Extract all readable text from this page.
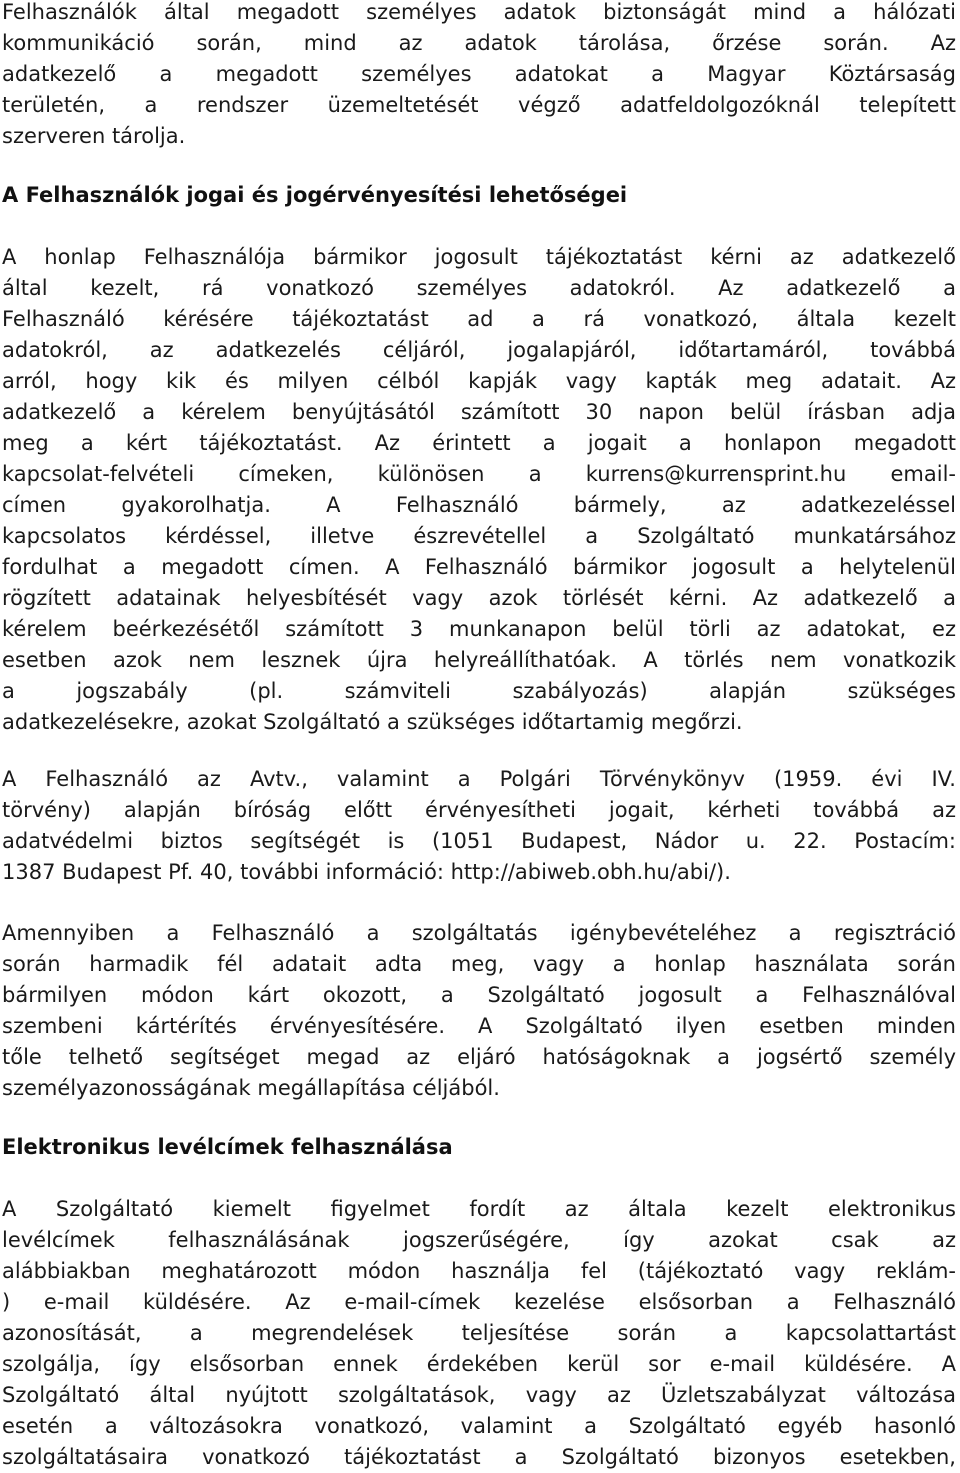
Felhasználók által megadott személyes adatok biztonságát mind a hálózati
kommunikáció során, mind az adatok tárolása, őrzése során. Az
adatkezelő a megadott személyes adatokat a Magyar Köztársaság
területén, a rendszer üzemeltetését végző adatfeldolgozóknál telepített
szerveren tárolja.
A Felhasználók jogai és jogérvényesítési lehetőségei
A honlap Felhasználója bármikor jogosult tájékoztatást kérni az adatkezelő
által kezelt, rá vonatkozó személyes adatokról. Az adatkezelő a
Felhasználó kérésére tájékoztatást ad a rá vonatkozó, általa kezelt
adatokról, az adatkezelés céljáról, jogalapjáról, időtartamáról, továbbá
arról, hogy kik és milyen célból kapják vagy kapták meg adatait. Az
adatkezelő a kérelem benyújtásától számított 30 napon belül írásban adja
meg a kért tájékoztatást. Az érintett a jogait a honlapon megadott
kapcsolat-felvételi címeken, különösen a kurrens@kurrensprint.hu email-
címen gyakorolhatja. A Felhasználó bármely, az adatkezeléssel
kapcsolatos kérdéssel, illetve észrevétellel a Szolgáltató munkatársához
fordulhat a megadott címen. A Felhasználó bármikor jogosult a helytelenül
rögzített adatainak helyesbítését vagy azok törlését kérni. Az adatkezelő a
kérelem beérkezésétől számított 3 munkanapon belül törli az adatokat, ez
esetben azok nem lesznek újra helyreállíthatóak. A törlés nem vonatkozik
a jogszabály (pl. számviteli szabályozás) alapján szükséges
adatkezelésekre, azokat Szolgáltató a szükséges időtartamig megőrzi.
A Felhasználó az Avtv., valamint a Polgári Törvénykönyv (1959. évi IV.
törvény) alapján bíróság előtt érvényesítheti jogait, kérheti továbbá az
adatvédelmi biztos segítségét is (1051 Budapest, Nádor u. 22. Postacím:
1387 Budapest Pf. 40, további információ: http://abiweb.obh.hu/abi/).
Amennyiben a Felhasználó a szolgáltatás igénybevételéhez a regisztráció
során harmadik fél adatait adta meg, vagy a honlap használata során
bármilyen módon kárt okozott, a Szolgáltató jogosult a Felhasználóval
szembeni kártérítés érvényesítésére. A Szolgáltató ilyen esetben minden
tőle telhető segítséget megad az eljáró hatóságoknak a jogsértő személy
személyazonosságának megállapítása céljából.
Elektronikus levélcímek felhasználása
A Szolgáltató kiemelt figyelmet fordít az általa kezelt elektronikus
levélcímek felhasználásának jogszerűségére, így azokat csak az
alábbiakban meghatározott módon használja fel (tájékoztató vagy reklám-
) e-mail küldésére. Az e-mail-címek kezelése elsősorban a Felhasználó
azonosítását, a megrendelések teljesítése során a kapcsolattartást
szolgálja, így elsősorban ennek érdekében kerül sor e-mail küldésére. A
Szolgáltató által nyújtott szolgáltatások, vagy az Üzletszabályzat változása
esetén a változásokra vonatkozó, valamint a Szolgáltató egyéb hasonló
szolgáltatásaira vonatkozó tájékoztatást a Szolgáltató bizonyos esetekben,
